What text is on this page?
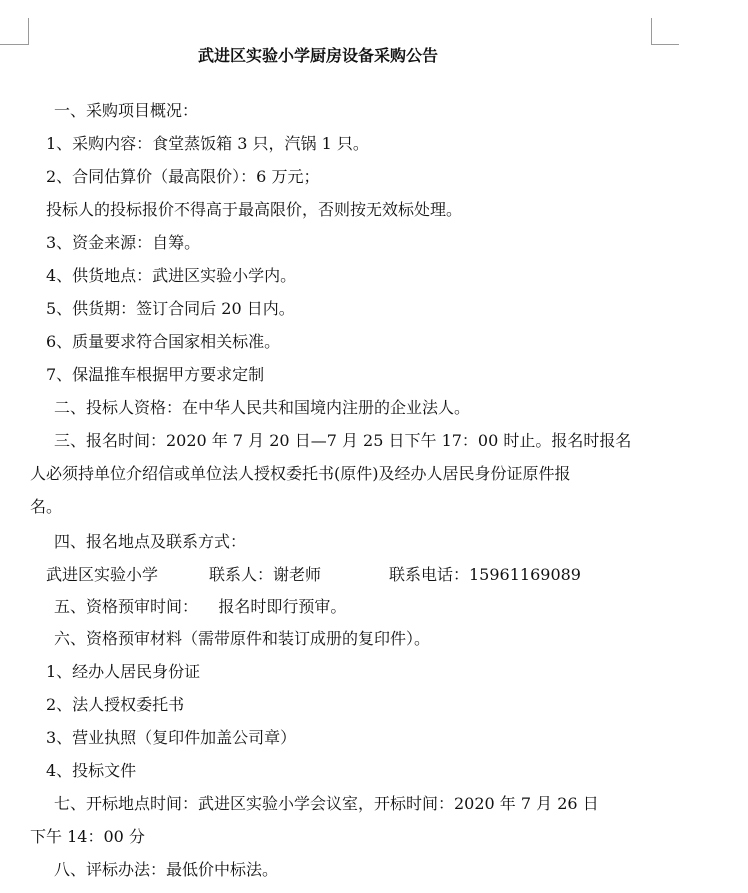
武进区实验小学厨房设备采购公告
一、采购项目概况：
1、采购内容：食堂蒸饭箱 3 只，汽锅 1 只。
2、合同估算价（最高限价）：6 万元；
投标人的投标报价不得高于最高限价，否则按无效标处理。
3、资金来源：自筹。
4、供货地点：武进区实验小学内。
5、供货期：签订合同后 20 日内。
6、质量要求符合国家相关标准。
7、保温推车根据甲方要求定制
二、投标人资格：在中华人民共和国境内注册的企业法人。
三、报名时间：2020 年 7 月 20 日—7 月 25 日下午 17：00 时止。报名时报名
人必须持单位介绍信或单位法人授权委托书(原件)及经办人居民身份证原件报
名。
四、报名地点及联系方式：
武进区实验小学	联系人：谢老师	联系电话：15961169089
五、资格预审时间：    报名时即行预审。
六、资格预审材料（需带原件和装订成册的复印件）。
1、经办人居民身份证
2、法人授权委托书
3、营业执照（复印件加盖公司章）
4、投标文件
七、开标地点时间：武进区实验小学会议室，开标时间：2020 年 7 月 26 日
下午 14：00 分
八、评标办法：最低价中标法。
